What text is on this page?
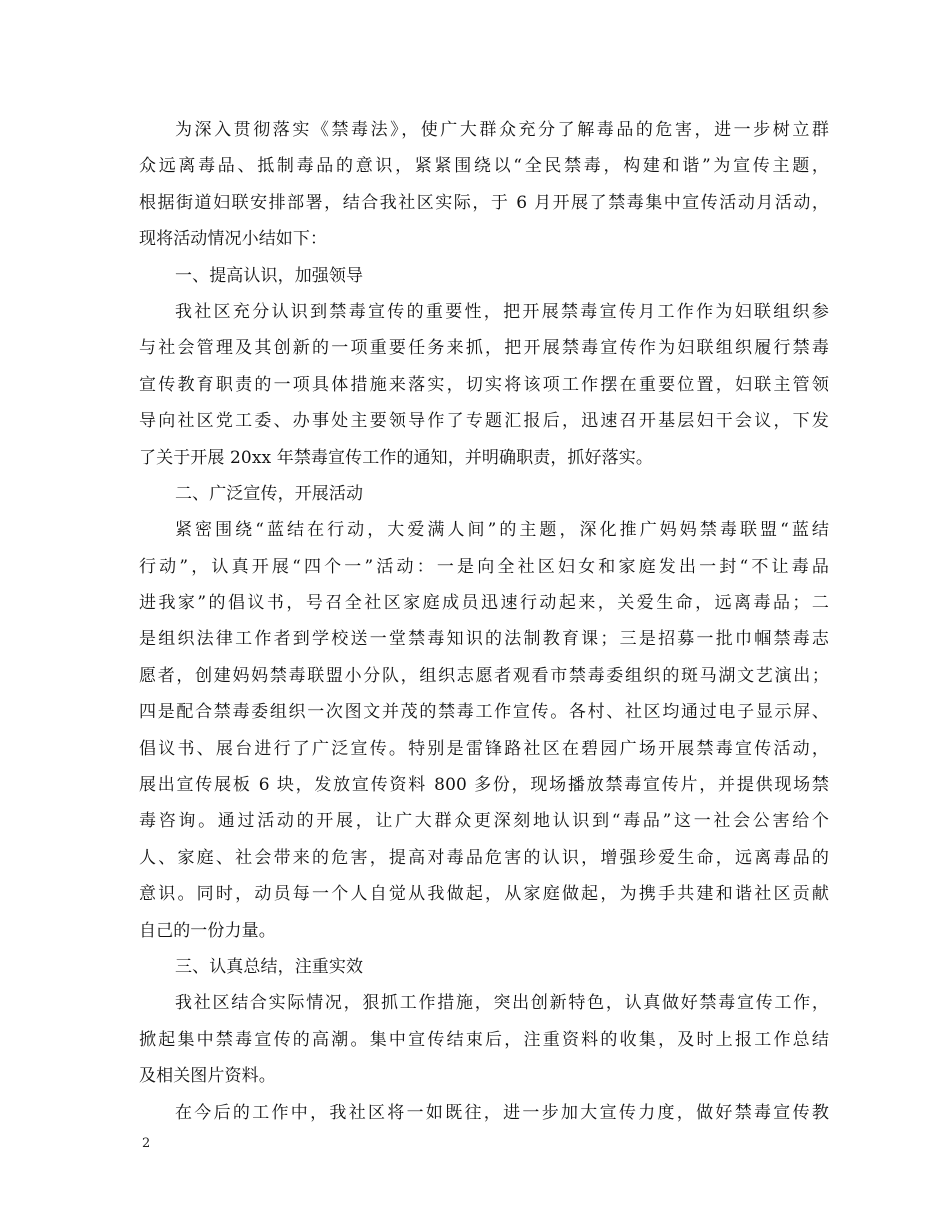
为深入贯彻落实《禁毒法》，使广大群众充分了解毒品的危害，进一步树立群
众远离毒品、抵制毒品的意识，紧紧围绕以“全民禁毒，构建和谐”为宣传主题，
根据街道妇联安排部署，结合我社区实际，于 6 月开展了禁毒集中宣传活动月活动，
现将活动情况小结如下：
一、提高认识，加强领导
我社区充分认识到禁毒宣传的重要性，把开展禁毒宣传月工作作为妇联组织参
与社会管理及其创新的一项重要任务来抓，把开展禁毒宣传作为妇联组织履行禁毒
宣传教育职责的一项具体措施来落实，切实将该项工作摆在重要位置，妇联主管领
导向社区党工委、办事处主要领导作了专题汇报后，迅速召开基层妇干会议，下发
了关于开展 20xx 年禁毒宣传工作的通知，并明确职责，抓好落实。
二、广泛宣传，开展活动
紧密围绕“蓝结在行动，大爱满人间”的主题，深化推广妈妈禁毒联盟“蓝结
行动”，认真开展“四个一”活动：一是向全社区妇女和家庭发出一封“不让毒品
进我家”的倡议书，号召全社区家庭成员迅速行动起来，关爱生命，远离毒品；二
是组织法律工作者到学校送一堂禁毒知识的法制教育课；三是招募一批巾帼禁毒志
愿者，创建妈妈禁毒联盟小分队，组织志愿者观看市禁毒委组织的斑马湖文艺演出；
四是配合禁毒委组织一次图文并茂的禁毒工作宣传。各村、社区均通过电子显示屏、
倡议书、展台进行了广泛宣传。特别是雷锋路社区在碧园广场开展禁毒宣传活动，
展出宣传展板 6 块，发放宣传资料 800 多份，现场播放禁毒宣传片，并提供现场禁
毒咨询。通过活动的开展，让广大群众更深刻地认识到“毒品”这一社会公害给个
人、家庭、社会带来的危害，提高对毒品危害的认识，增强珍爱生命，远离毒品的
意识。同时，动员每一个人自觉从我做起，从家庭做起，为携手共建和谐社区贡献
自己的一份力量。
三、认真总结，注重实效
我社区结合实际情况，狠抓工作措施，突出创新特色，认真做好禁毒宣传工作，
掀起集中禁毒宣传的高潮。集中宣传结束后，注重资料的收集，及时上报工作总结
及相关图片资料。
在今后的工作中，我社区将一如既往，进一步加大宣传力度，做好禁毒宣传教
2
